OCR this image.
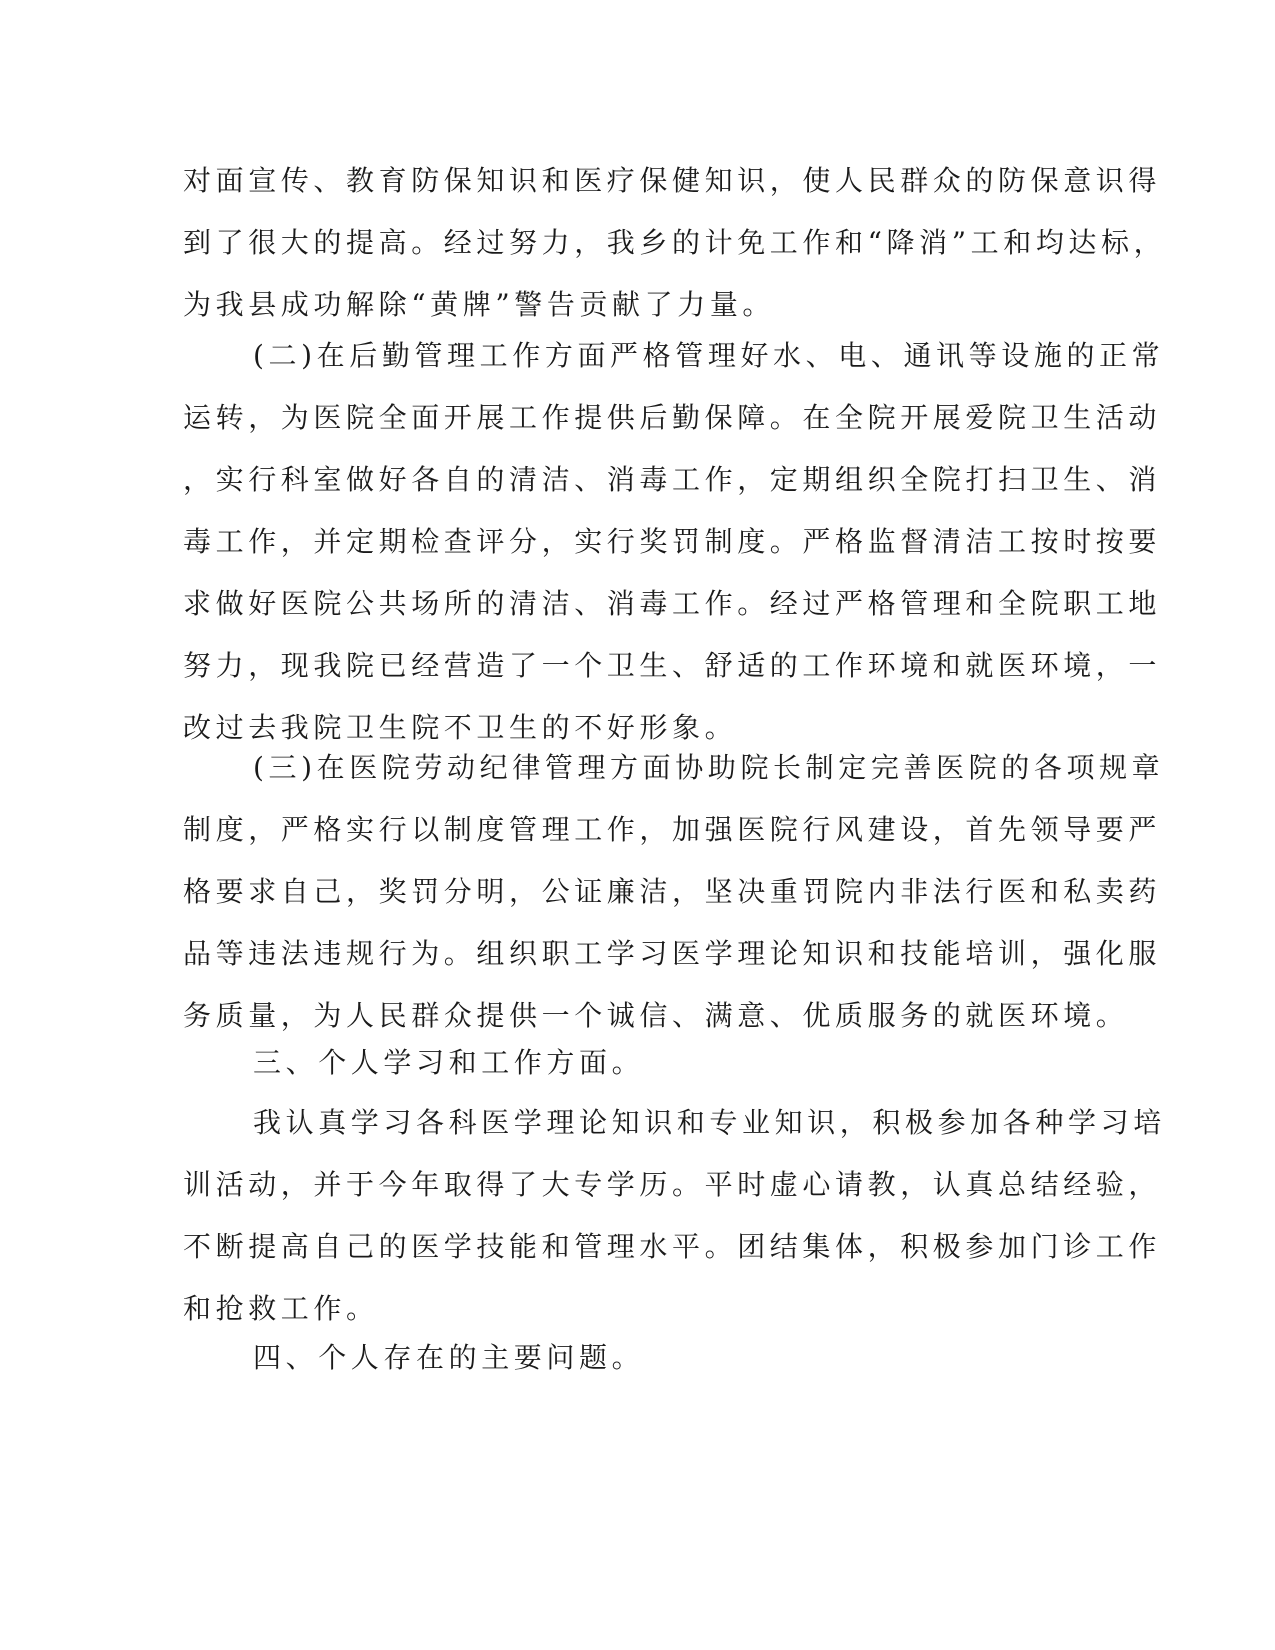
对面宣传、教育防保知识和医疗保健知识，使人民群众的防保意识得
到了很大的提高。经过努力，我乡的计免工作和“降消”工和均达标，
为我县成功解除“黄牌”警告贡献了力量。
(二)在后勤管理工作方面严格管理好水、电、通讯等设施的正常
运转，为医院全面开展工作提供后勤保障。在全院开展爱院卫生活动
，实行科室做好各自的清洁、消毒工作，定期组织全院打扫卫生、消
毒工作，并定期检查评分，实行奖罚制度。严格监督清洁工按时按要
求做好医院公共场所的清洁、消毒工作。经过严格管理和全院职工地
努力，现我院已经营造了一个卫生、舒适的工作环境和就医环境，一
改过去我院卫生院不卫生的不好形象。
(三)在医院劳动纪律管理方面协助院长制定完善医院的各项规章
制度，严格实行以制度管理工作，加强医院行风建设，首先领导要严
格要求自己，奖罚分明，公证廉洁，坚决重罚院内非法行医和私卖药
品等违法违规行为。组织职工学习医学理论知识和技能培训，强化服
务质量，为人民群众提供一个诚信、满意、优质服务的就医环境。
三、个人学习和工作方面。
我认真学习各科医学理论知识和专业知识，积极参加各种学习培
训活动，并于今年取得了大专学历。平时虚心请教，认真总结经验，
不断提高自己的医学技能和管理水平。团结集体，积极参加门诊工作
和抢救工作。
四、个人存在的主要问题。
